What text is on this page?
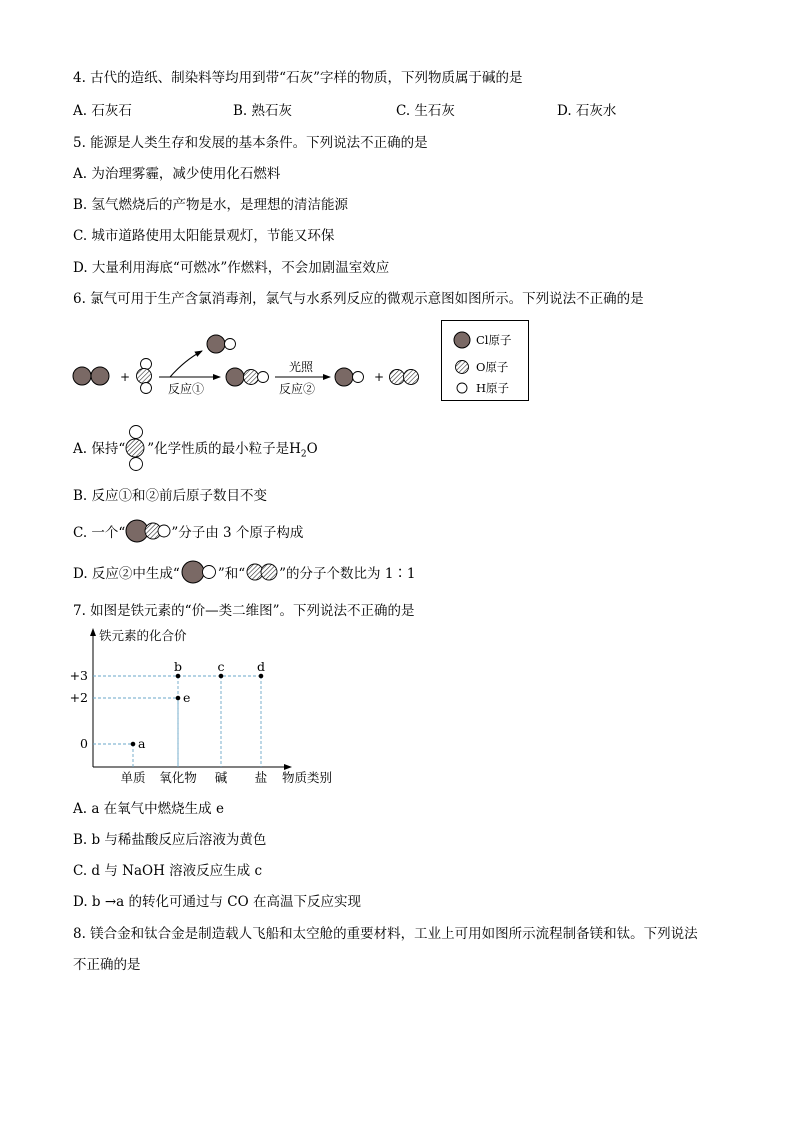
4. 古代的造纸、制染料等均用到带“石灰”字样的物质，下列物质属于碱的是
A. 石灰石	B. 熟石灰	C. 生石灰	D. 石灰水
5. 能源是人类生存和发展的基本条件。下列说法不正确的是
A. 为治理雾霾，减少使用化石燃料
B. 氢气燃烧后的产物是水，是理想的清洁能源
C. 城市道路使用太阳能景观灯，节能又环保
D. 大量利用海底“可燃冰”作燃料，不会加剧温室效应
6. 氯气可用于生产含氯消毒剂，氯气与水系列反应的微观示意图如图所示。下列说法不正确的是
+
反应①
光照
反应②
+
Cl原子
O原子
H原子
A. 保持“ ”化学性质的最小粒子是$H_2O$
B. 反应①和②前后原子数目不变
C. 一个“	”分子由 3 个原子构成
D. 反应②中生成“	”和“	”的分子个数比为 1∶1
7. 如图是铁元素的“价—类二维图”。下列说法不正确的是
铁元素的化合价
+3
+2
0
单质 氧化物 碱 盐 物质类别
a
b	c	d
e
A. a 在氧气中燃烧生成 e
B. b 与稀盐酸反应后溶液为黄色
C. d 与 NaOH 溶液反应生成 c
D. b →a 的转化可通过与 CO 在高温下反应实现
8. 镁合金和钛合金是制造载人飞船和太空舱的重要材料，工业上可用如图所示流程制备镁和钛。下列说法
不正确的是
